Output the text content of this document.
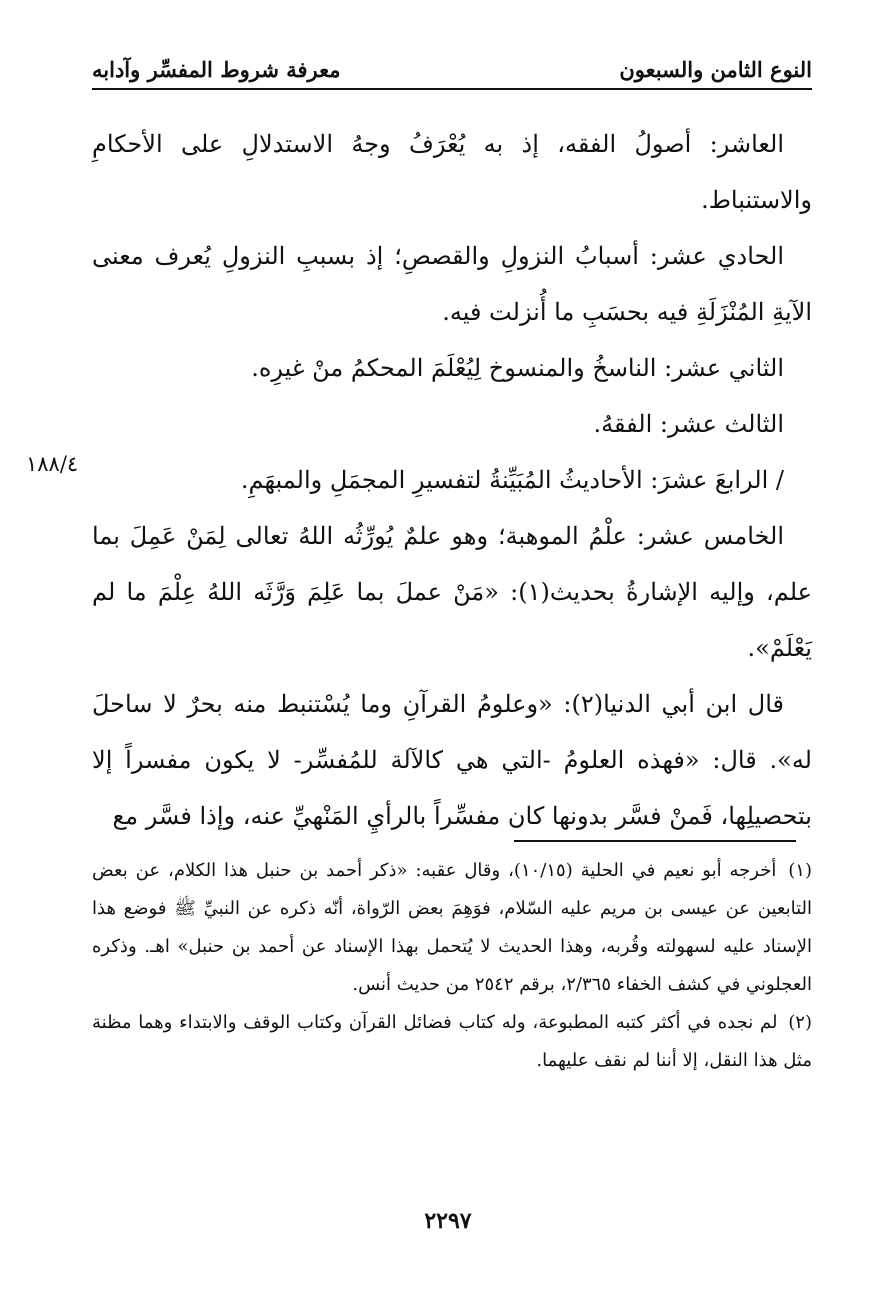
النوع الثامن والسبعون
معرفة شروط المفسِّر وآدابه

العاشر: أصولُ الفقه، إذ به يُعْرَفُ وجهُ الاستدلالِ على الأحكامِ والاستنباط.

الحادي عشر: أسبابُ النزولِ والقصصِ؛ إذ بسببِ النزولِ يُعرف معنى الآيةِ المُنْزَلَةِ فيه بحسَبِ ما أُنزلت فيه.

الثاني عشر: الناسخُ والمنسوخ لِيُعْلَمَ المحكمُ منْ غيرِه.

الثالث عشر: الفقهُ.

/ الرابعَ عشرَ: الأحاديثُ المُبَيِّنةُ لتفسيرِ المجمَلِ والمبهَمِ.

الخامس عشر: علْمُ الموهبة؛ وهو علمٌ يُورِّثُه اللهُ تعالى لِمَنْ عَمِلَ بما علم، وإليه الإشارةُ بحديث(١): «مَنْ عملَ بما عَلِمَ وَرَّثَه اللهُ عِلْمَ ما لم يَعْلَمْ».

قال ابن أبي الدنيا(٢): «وعلومُ القرآنِ وما يُسْتنبط منه بحرٌ لا ساحلَ له». قال: «فهذه العلومُ -التي هي كالآلة للمُفسِّر- لا يكون مفسراً إلا بتحصيلِها، فَمنْ فسَّر بدونها كان مفسِّراً بالرأيِ المَنْهيِّ عنه، وإذا فسَّر مع

١٨٨/٤

(١) أخرجه أبو نعيم في الحلية (١٠/١٥)، وقال عقبه: «ذكر أحمد بن حنبل هذا الكلام، عن بعض التابعين عن عيسى بن مريم عليه السّلام، فوَهِمَ بعض الرّواة، أنّه ذكره عن النبيِّ ﷺ فوضع هذا الإسناد عليه لسهولته وقُربه، وهذا الحديث لا يُتحمل بهذا الإسناد عن أحمد بن حنبل» اهـ. وذكره العجلوني في كشف الخفاء ٢/٣٦٥، برقم ٢٥٤٢ من حديث أنس.

(٢) لم نجده في أكثر كتبه المطبوعة، وله كتاب فضائل القرآن وكتاب الوقف والابتداء وهما مظنة مثل هذا النقل، إلا أننا لم نقف عليهما.

٢٢٩٧
